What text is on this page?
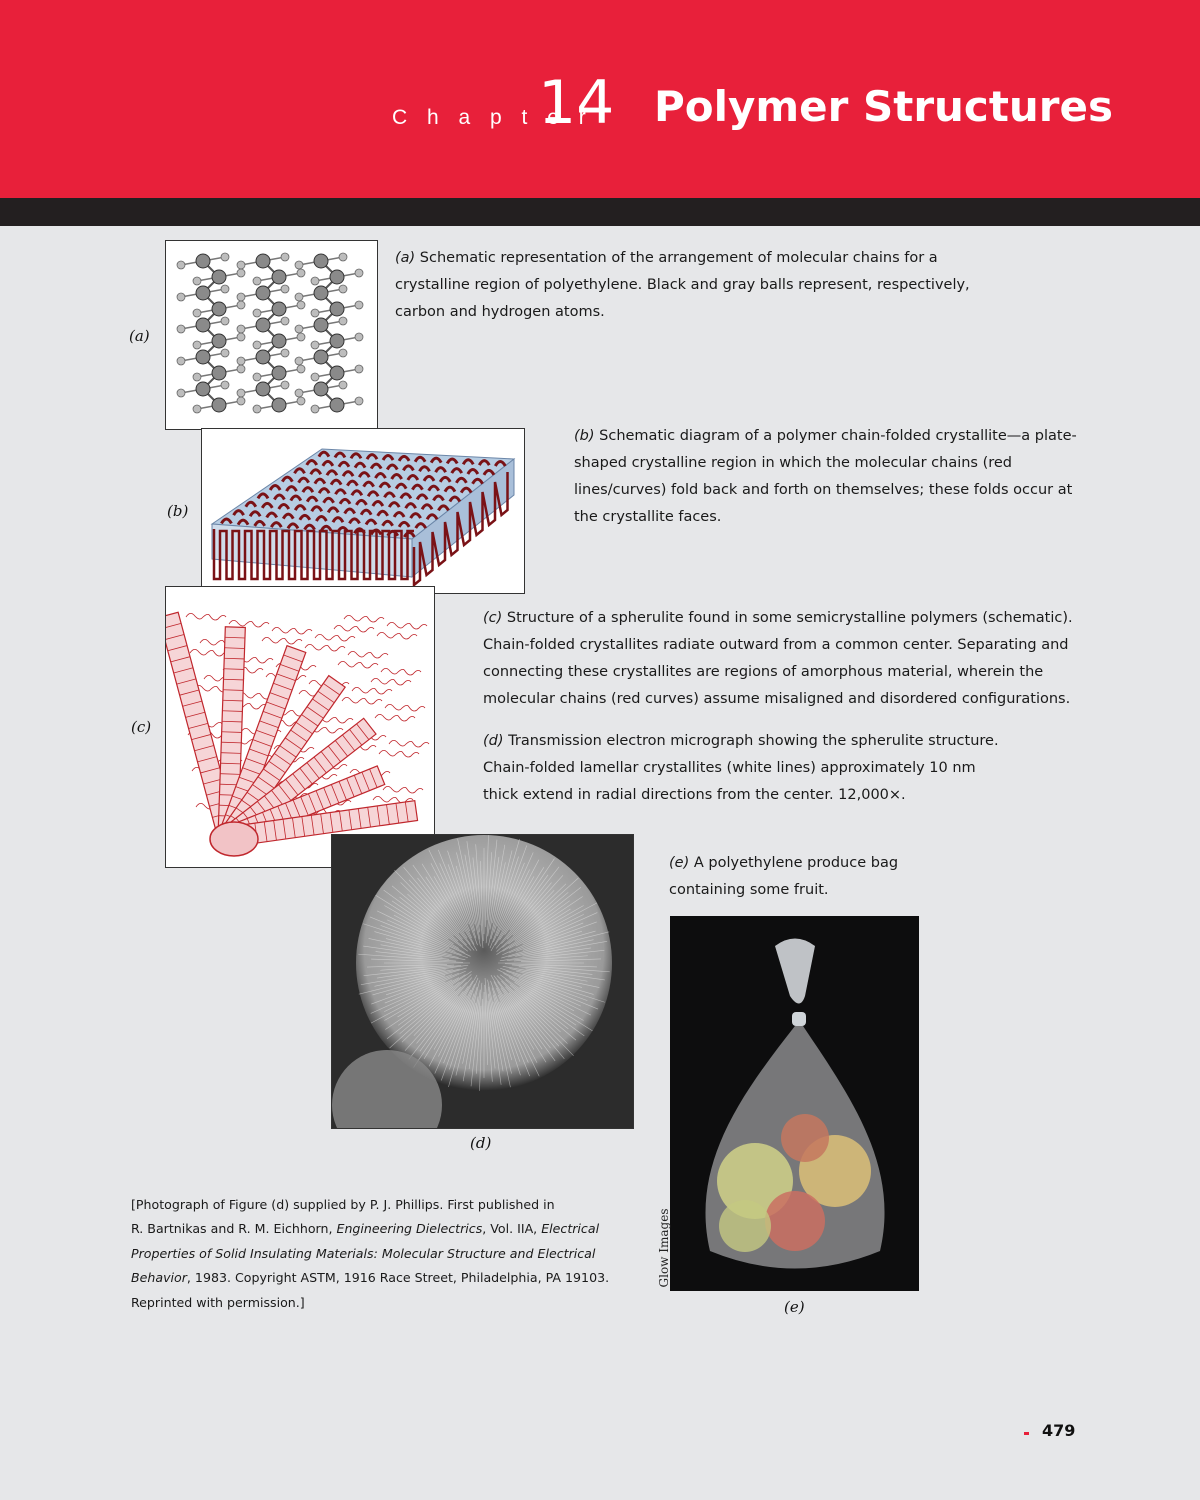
C h a p t e r
14 Polymer Structures
(a)
(a) Schematic representation of the arrangement of molecular chains for a crystalline region of polyethylene. Black and gray balls represent, respectively, carbon and hydrogen atoms.
(b)
(b) Schematic diagram of a polymer chain-folded crystallite—a plate-shaped crystalline region in which the molecular chains (red lines/curves) fold back and forth on themselves; these folds occur at the crystallite faces.
(c)
(c) Structure of a spherulite found in some semicrystalline polymers (schematic). Chain-folded crystallites radiate outward from a common center. Separating and connecting these crystallites are regions of amorphous material, wherein the molecular chains (red curves) assume misaligned and disordered configurations.
(d) Transmission electron micrograph showing the spherulite structure. Chain-folded lamellar crystallites (white lines) approximately 10 nm thick extend in radial directions from the center. 12,000×.
(d)
(e) A polyethylene produce bag containing some fruit.
Glow Images
(e)
[Photograph of Figure (d) supplied by P. J. Phillips. First published in
R. Bartnikas and R. M. Eichhorn, Engineering Dielectrics, Vol. IIA, Electrical
Properties of Solid Insulating Materials: Molecular Structure and Electrical
Behavior, 1983. Copyright ASTM, 1916 Race Street, Philadelphia, PA 19103.
Reprinted with permission.]
479
